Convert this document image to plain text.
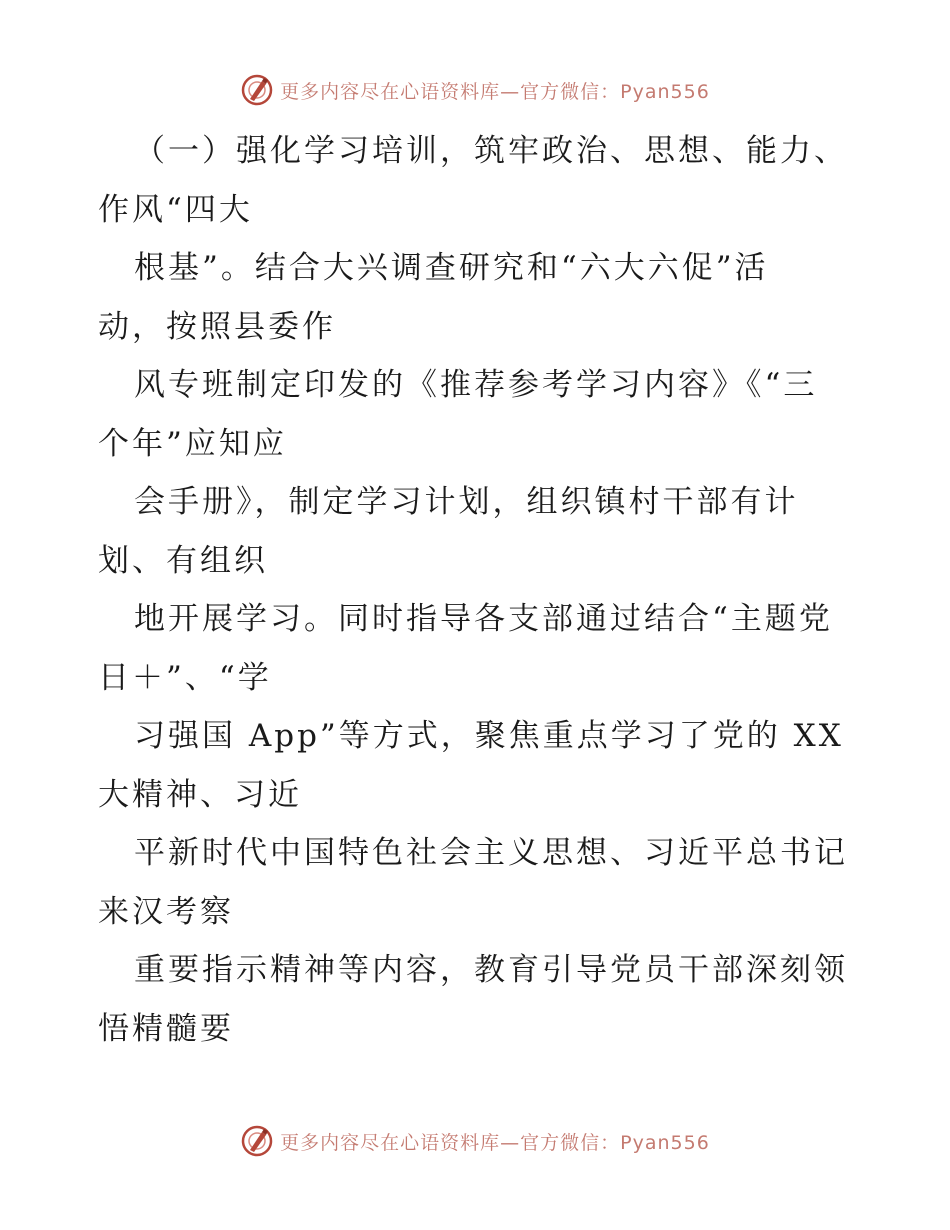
更多内容尽在心语资料库—官方微信：Pyan556
（一）强化学习培训，筑牢政治、思想、能力、
作风“四大
根基”。结合大兴调查研究和“六大六促”活
动，按照县委作
风专班制定印发的《推荐参考学习内容》《“三
个年”应知应
会手册》，制定学习计划，组织镇村干部有计
划、有组织
地开展学习。同时指导各支部通过结合“主题党
日＋”、“学
习强国 App”等方式，聚焦重点学习了党的 XX
大精神、习近
平新时代中国特色社会主义思想、习近平总书记
来汉考察
重要指示精神等内容，教育引导党员干部深刻领
悟精髓要
更多内容尽在心语资料库—官方微信：Pyan556
